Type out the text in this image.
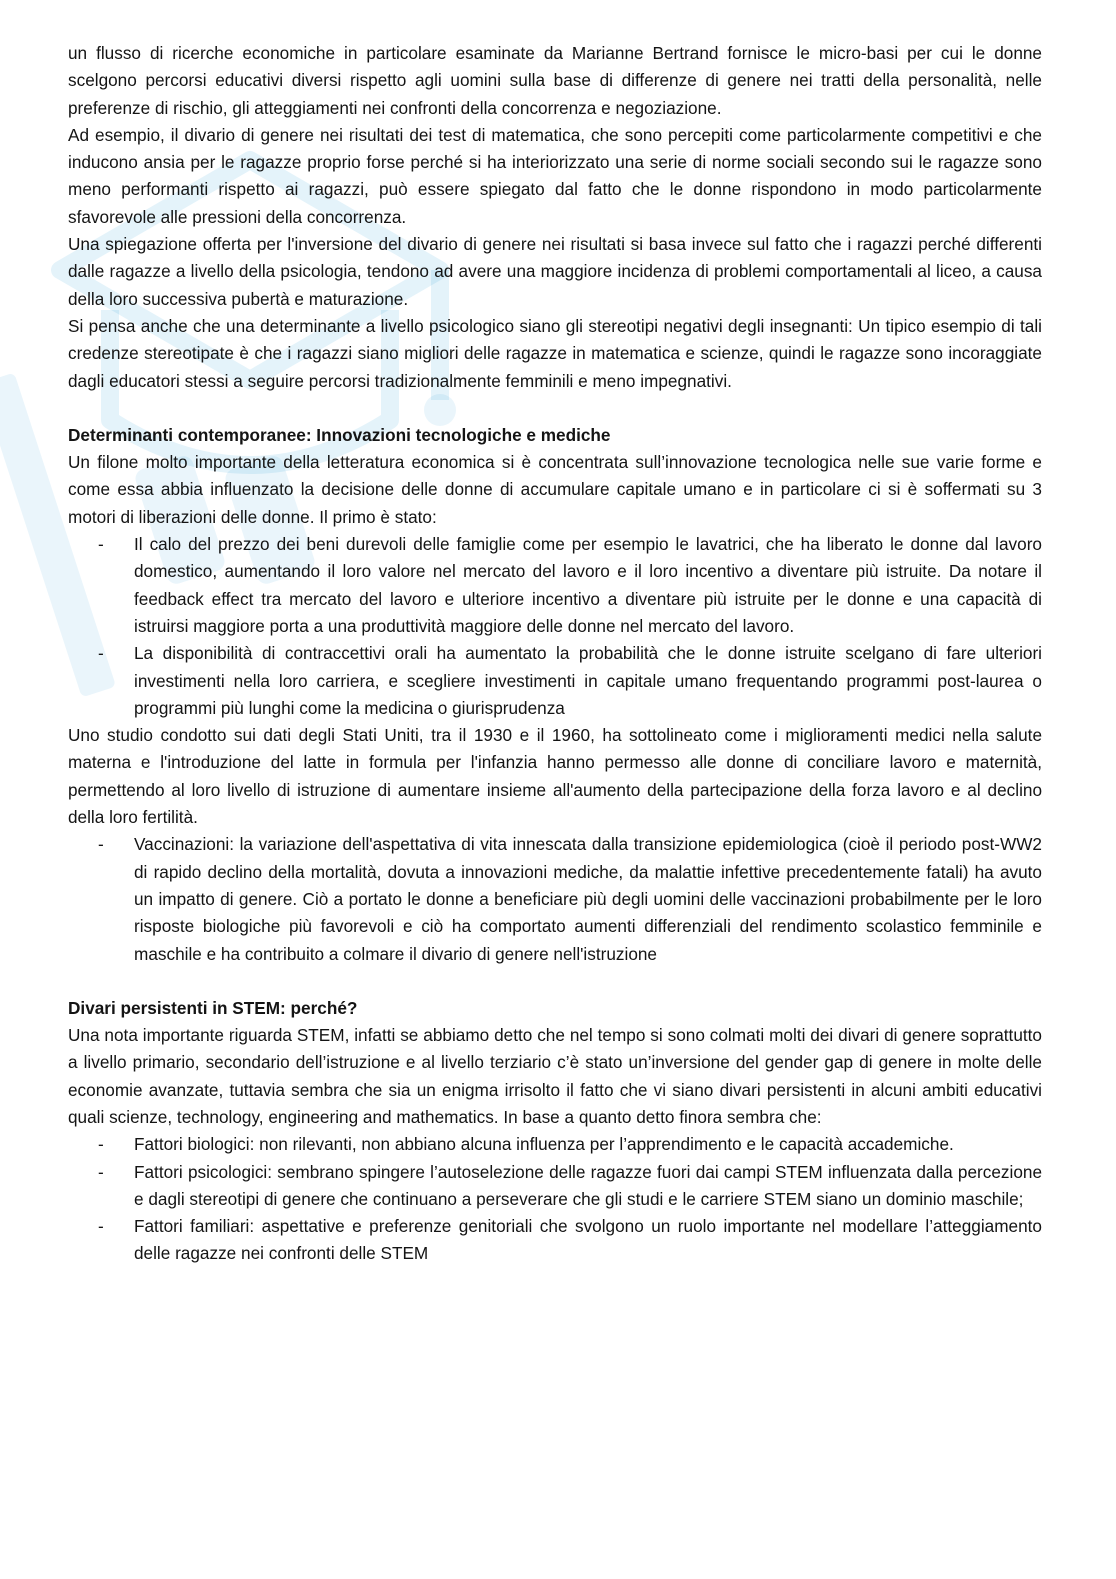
un flusso di ricerche economiche in particolare esaminate da Marianne Bertrand fornisce le micro-basi per cui le donne scelgono percorsi educativi diversi rispetto agli uomini sulla base di differenze di genere nei tratti della personalità, nelle preferenze di rischio, gli atteggiamenti nei confronti della concorrenza e negoziazione.

Ad esempio, il divario di genere nei risultati dei test di matematica, che sono percepiti come particolarmente competitivi e che inducono ansia per le ragazze proprio forse perché si ha interiorizzato una serie di norme sociali secondo sui le ragazze sono meno performanti rispetto ai ragazzi, può essere spiegato dal fatto che le donne rispondono in modo particolarmente sfavorevole alle pressioni della concorrenza.

Una spiegazione offerta per l'inversione del divario di genere nei risultati si basa invece sul fatto che i ragazzi perché differenti dalle ragazze a livello della psicologia, tendono ad avere una maggiore incidenza di problemi comportamentali al liceo, a causa della loro successiva pubertà e maturazione.

Si pensa anche che una determinante a livello psicologico siano gli stereotipi negativi degli insegnanti: Un tipico esempio di tali credenze stereotipate è che i ragazzi siano migliori delle ragazze in matematica e scienze, quindi le ragazze sono incoraggiate dagli educatori stessi a seguire percorsi tradizionalmente femminili e meno impegnativi.

Determinanti contemporanee: Innovazioni tecnologiche e mediche

Un filone molto importante della letteratura economica si è concentrata sull’innovazione tecnologica nelle sue varie forme e come essa abbia influenzato la decisione delle donne di accumulare capitale umano e in particolare ci si è soffermati su 3 motori di liberazioni delle donne. Il primo è stato:

- Il calo del prezzo dei beni durevoli delle famiglie come per esempio le lavatrici, che ha liberato le donne dal lavoro domestico, aumentando il loro valore nel mercato del lavoro e il loro incentivo a diventare più istruite. Da notare il feedback effect tra mercato del lavoro e ulteriore incentivo a diventare più istruite per le donne e una capacità di istruirsi maggiore porta a una produttività maggiore delle donne nel mercato del lavoro.
- La disponibilità di contraccettivi orali ha aumentato la probabilità che le donne istruite scelgano di fare ulteriori investimenti nella loro carriera, e scegliere investimenti in capitale umano frequentando programmi post-laurea o programmi più lunghi come la medicina o giurisprudenza

Uno studio condotto sui dati degli Stati Uniti, tra il 1930 e il 1960, ha sottolineato come i miglioramenti medici nella salute materna e l'introduzione del latte in formula per l'infanzia hanno permesso alle donne di conciliare lavoro e maternità, permettendo al loro livello di istruzione di aumentare insieme all'aumento della partecipazione della forza lavoro e al declino della loro fertilità.

- Vaccinazioni: la variazione dell'aspettativa di vita innescata dalla transizione epidemiologica (cioè il periodo post-WW2 di rapido declino della mortalità, dovuta a innovazioni mediche, da malattie infettive precedentemente fatali) ha avuto un impatto di genere. Ciò a portato le donne a beneficiare più degli uomini delle vaccinazioni probabilmente per le loro risposte biologiche più favorevoli e ciò ha comportato aumenti differenziali del rendimento scolastico femminile e maschile e ha contribuito a colmare il divario di genere nell'istruzione
Divari persistenti in STEM: perché?

Una nota importante riguarda STEM, infatti se abbiamo detto che nel tempo si sono colmati molti dei divari di genere soprattutto a livello primario, secondario dell’istruzione e al livello terziario c’è stato un’inversione del gender gap di genere in molte delle economie avanzate, tuttavia sembra che sia un enigma irrisolto il fatto che vi siano divari persistenti in alcuni ambiti educativi quali scienze, technology, engineering and mathematics. In base a quanto detto finora sembra che:

- Fattori biologici: non rilevanti, non abbiano alcuna influenza per l’apprendimento e le capacità accademiche.
- Fattori psicologici: sembrano spingere l’autoselezione delle ragazze fuori dai campi STEM influenzata dalla percezione e dagli stereotipi di genere che continuano a perseverare che gli studi e le carriere STEM siano un dominio maschile;
- Fattori familiari: aspettative e preferenze genitoriali che svolgono un ruolo importante nel modellare l’atteggiamento delle ragazze nei confronti delle STEM
